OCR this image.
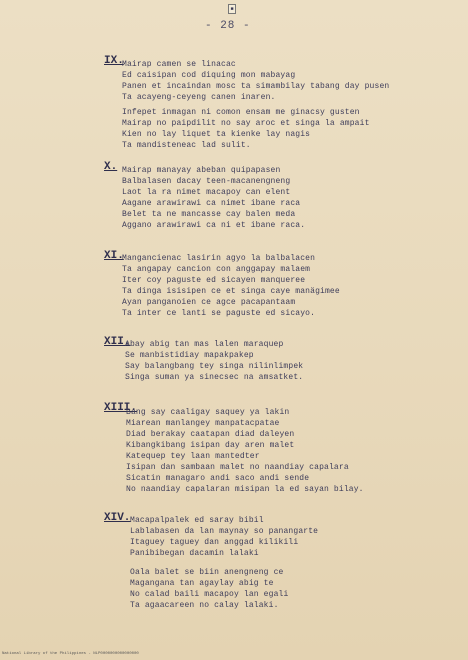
■
- 28 -
IX.
Mairap camen se linacac
Ed caisipan cod diquing mon mabayag
Panen et incaindan mosc ta simambilay tabang day pusen
Ta acayeng-ceyeng canen inaren.
Infepet inmagan ni comon ensam me ginacsy gusten
Mairap no paipdilit no say aroc et singa la ampait
Kien no lay liquet ta kienke lay nagis
Ta mandisteneac lad sulit.
X. Mairap manayay abeban quipapasen
Balbalasen dacay teen-macanengneng
Laot la ra nimet macapoy can elent
Aagane arawirawi ca nimet ibane raca
Belet ta ne mancasse cay balen meda
Aggano arawirawi ca ni et ibane raca.
XI.
Mangancienac lasirin agyo la balbalacen
Ta angapay cancion con anggapay malaem
Iter coy paguste ed sicayen manqueree
Ta dinga isisipen ce et singa caye manägimee
Ayan panganoien ce agce pacapantaam
Ta inter ce lanti se paguste ed sicayo.
XII.
Abay abig tan mas lalen maraquep
Se manbistidiay mapakpakep
Say balangbang tey singa nilinlimpek
Singa suman ya sinecsec na amsatket.
XIII.
Bang say caaligay saquey ya lakin
Miarean manlangey manpatacpatae
Diad berakay caatapan diad daleyen
Kibangkibang isipan day aren malet
Katequep tey laan mantedter
Isipan dan sambaan malet no naandiay capalara
Sicatin managaro andi saco andi sende
No naandiay capalaran misipan la ed sayan bilay.
XIV. Macapalpalek ed saray bibil
Lablabasen da lan maynay so panangarte
Itaguey taguey dan anggad kilikili
Panibibegan dacamin lalaki
Oala balet se biin anengneng ce
Magangana tan agaylay abig te
No calad baili macapoy lan egali
Ta agaacareen no calay lalaki.
National Library of the Philippines - NLP0000000000000000
